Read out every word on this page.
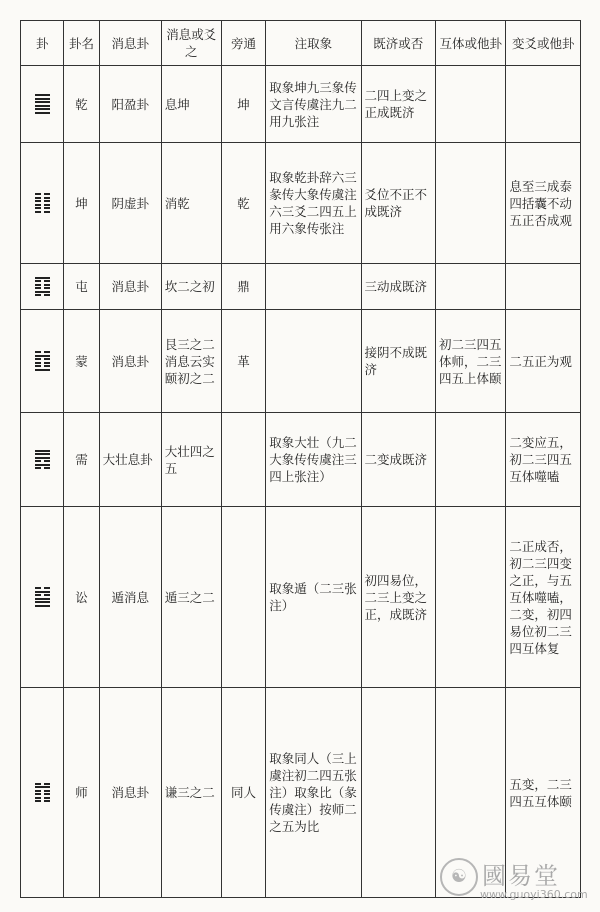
卦	卦名	消息卦	消息或爻之	旁通	注取象	既济或否	互体或他卦	变爻或他卦

	乾	阳盈卦	息坤	坤	取象坤九三象传文言传虞注九二用九张注	二四上变之正成既济		

	坤	阴虚卦	消乾	乾	取象乾卦辞六三彖传大象传虞注六三爻二四五上用六象传张注	爻位不正不成既济		息至三成泰四括囊不动五正否成观

	屯	消息卦	坎二之初	鼎		三动成既济		

	蒙	消息卦	艮三之二消息云实颐初之二	革		接阴不成既济	初二三四五体师，二三四五上体颐	二五正为观

	需	大壮息卦	大壮四之五		取象大壮（九二大象传传虞注三四上张注）	二变成既济		二变应五，初二三四五互体噬嗑

	讼	遁消息	遁三之二		取象遁（二三张注）	初四易位，二三上变之正，成既济		二正成否，初二三四变之正，与五互体噬嗑，二变，初四易位初二三四互体复

	师	消息卦	谦三之二	同人	取象同人（三上虞注初二四五张注）取象比（彖传虞注）按师二之五为比			五变，二三四五互体颐
☯ 國易堂
www.guoyi360.com
